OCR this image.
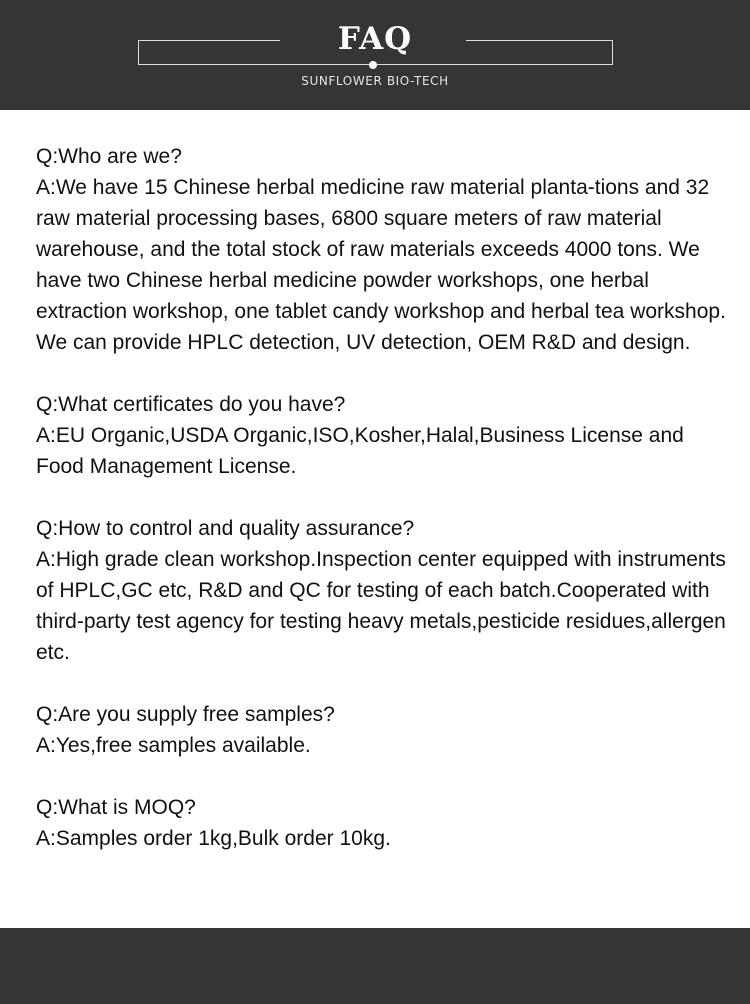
FAQ
SUNFLOWER BIO-TECH

Q:Who are we?

A:We have 15 Chinese herbal medicine raw material planta-tions and 32 raw material processing bases, 6800 square meters of raw material warehouse, and the total stock of raw materials exceeds 4000 tons. We have two Chinese herbal medicine powder workshops, one herbal extraction workshop, one tablet candy workshop and herbal tea workshop. We can provide HPLC detection, UV detection, OEM R&D and design.

Q:What certificates do you have?

A:EU Organic,USDA Organic,ISO,Kosher,Halal,Business License and Food Management License.

Q:How to control and quality assurance?

A:High grade clean workshop.Inspection center equipped with instruments of HPLC,GC etc, R&D and QC for testing of each batch.Cooperated with third-party test agency for testing heavy metals,pesticide residues,allergen etc.

Q:Are you supply free samples?

A:Yes,free samples available.

Q:What is MOQ?

A:Samples order 1kg,Bulk order 10kg.
